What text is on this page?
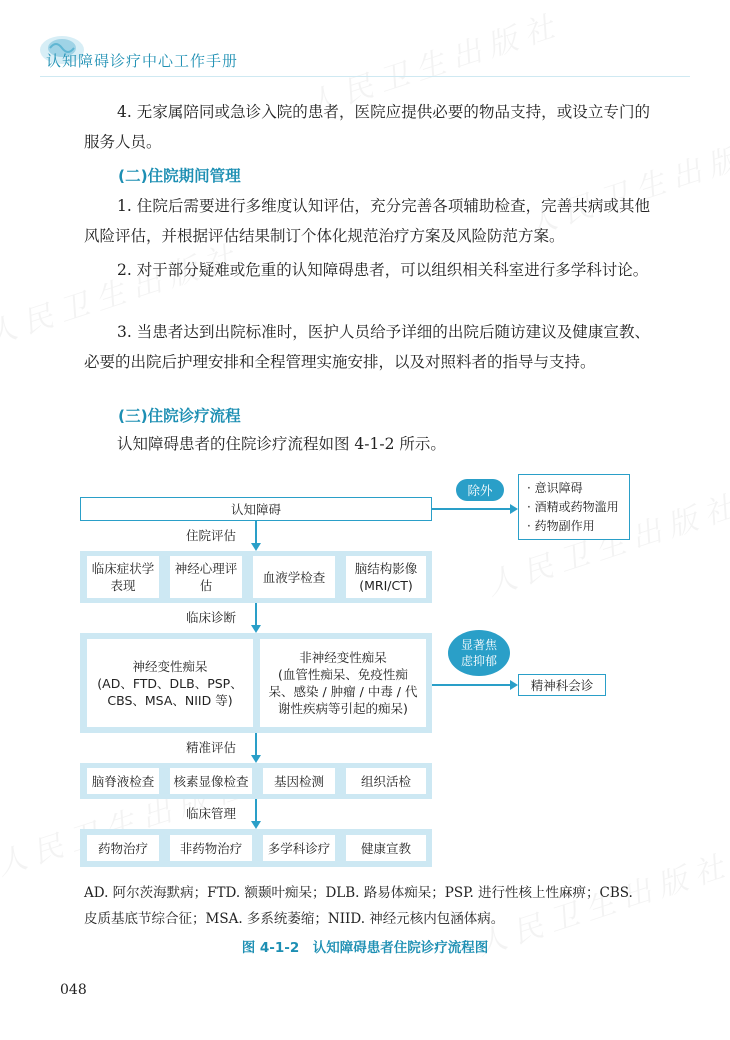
认知障碍诊疗中心工作手册
4. 无家属陪同或急诊入院的患者，医院应提供必要的物品支持，或设立专门的服务人员。
(二)住院期间管理
1. 住院后需要进行多维度认知评估，充分完善各项辅助检查，完善共病或其他风险评估，并根据评估结果制订个体化规范治疗方案及风险防范方案。
2. 对于部分疑难或危重的认知障碍患者，可以组织相关科室进行多学科讨论。
3. 当患者达到出院标准时，医护人员给予详细的出院后随访建议及健康宣教、必要的出院后护理安排和全程管理实施安排，以及对照料者的指导与支持。
(三)住院诊疗流程
认知障碍患者的住院诊疗流程如图 4-1-2 所示。
认知障碍
除外	· 意识障碍
· 酒精或药物滥用
· 药物副作用
住院评估
临床症状学表现
神经心理评估
血液学检查
脑结构影像(MRI/CT)
临床诊断
神经变性痴呆
(AD、FTD、DLB、PSP、CBS、MSA、NIID 等)
非神经变性痴呆
(血管性痴呆、免疫性痴呆、感染 / 肿瘤 / 中毒 / 代谢性疾病等引起的痴呆)
显著焦虑抑郁
精神科会诊
精准评估
脑脊液检查	核素显像检查	基因检测	组织活检
临床管理
药物治疗	非药物治疗	多学科诊疗	健康宣教
AD. 阿尔茨海默病；FTD. 额颞叶痴呆；DLB. 路易体痴呆；PSP. 进行性核上性麻痹；CBS. 皮质基底节综合征；MSA. 多系统萎缩；NIID. 神经元核内包涵体病。
图 4-1-2　认知障碍患者住院诊疗流程图
048
